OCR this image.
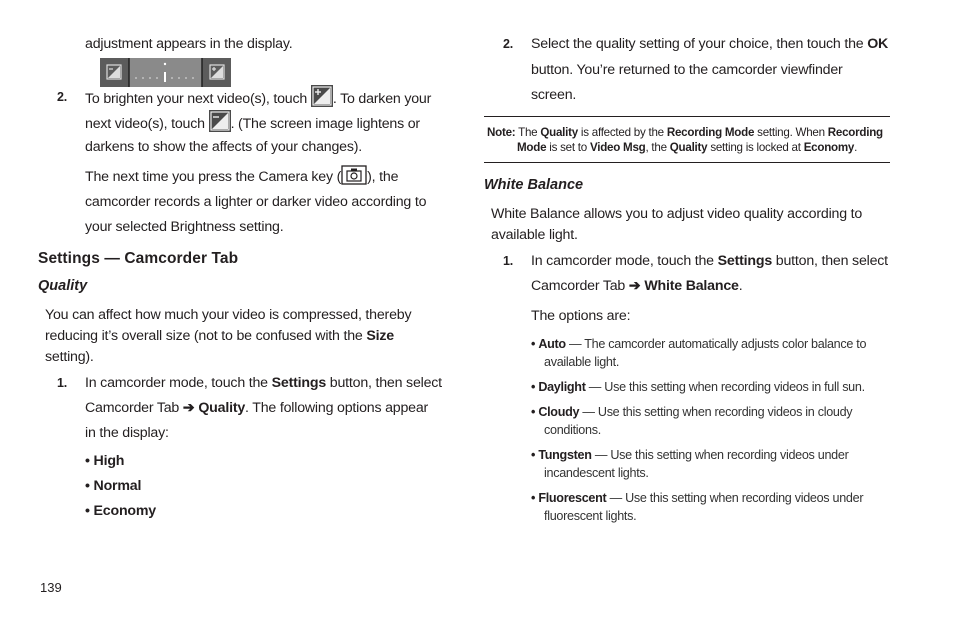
adjustment appears in the display.
2. To brighten your next video(s), touch . To darken your
next video(s), touch . (The screen image lightens or
darkens to show the affects of your changes).
The next time you press the Camera key ( ), the
camcorder records a lighter or darker video according to
your selected Brightness setting.
Settings — Camcorder Tab
Quality
You can affect how much your video is compressed, thereby
reducing it’s overall size (not to be confused with the Size
setting).
1. In camcorder mode, touch the Settings button, then select
Camcorder Tab ➔ Quality. The following options appear
in the display:
• High
• Normal
• Economy
139
2. Select the quality setting of your choice, then touch the OK
button. You’re returned to the camcorder viewfinder
screen.
Note: The Quality is affected by the Recording Mode setting. When Recording
Mode is set to Video Msg, the Quality setting is locked at Economy.
White Balance
White Balance allows you to adjust video quality according to
available light.
1. In camcorder mode, touch the Settings button, then select
Camcorder Tab ➔ White Balance.
The options are:
• Auto — The camcorder automatically adjusts color balance to
available light.
• Daylight — Use this setting when recording videos in full sun.
• Cloudy — Use this setting when recording videos in cloudy
conditions.
• Tungsten — Use this setting when recording videos under
incandescent lights.
• Fluorescent — Use this setting when recording videos under
fluorescent lights.
